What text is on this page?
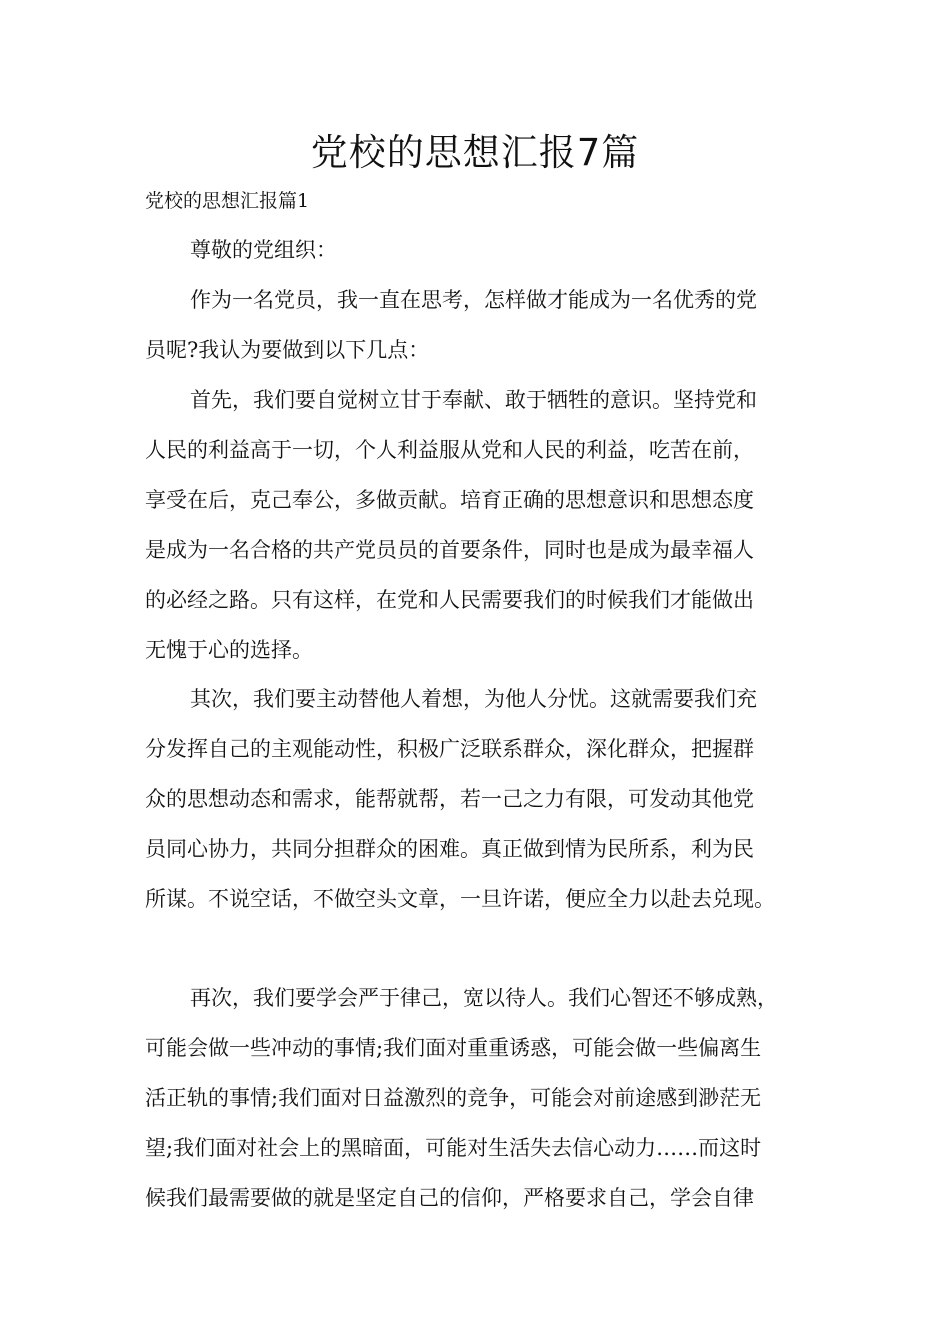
党校的思想汇报7篇
党校的思想汇报篇1

尊敬的党组织：

作为一名党员，我一直在思考，怎样做才能成为一名优秀的党
员呢?我认为要做到以下几点：

首先，我们要自觉树立甘于奉献、敢于牺牲的意识。坚持党和
人民的利益高于一切，个人利益服从党和人民的利益，吃苦在前，
享受在后，克己奉公，多做贡献。培育正确的思想意识和思想态度
是成为一名合格的共产党员员的首要条件，同时也是成为最幸福人
的必经之路。只有这样，在党和人民需要我们的时候我们才能做出
无愧于心的选择。

其次，我们要主动替他人着想，为他人分忧。这就需要我们充
分发挥自己的主观能动性，积极广泛联系群众，深化群众，把握群
众的思想动态和需求，能帮就帮，若一己之力有限，可发动其他党
员同心协力，共同分担群众的困难。真正做到情为民所系，利为民
所谋。不说空话，不做空头文章，一旦许诺，便应全力以赴去兑现。

再次，我们要学会严于律己，宽以待人。我们心智还不够成熟，
可能会做一些冲动的事情;我们面对重重诱惑，可能会做一些偏离生
活正轨的事情;我们面对日益激烈的竞争，可能会对前途感到渺茫无
望;我们面对社会上的黑暗面，可能对生活失去信心动力……而这时
候我们最需要做的就是坚定自己的信仰，严格要求自己，学会自律
